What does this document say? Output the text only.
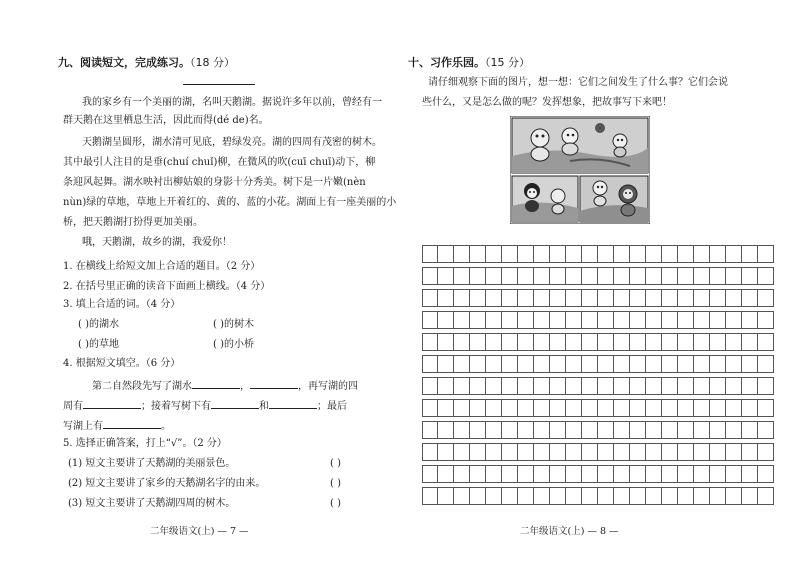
九、阅读短文，完成练习。（18 分）
我的家乡有一个美丽的湖，名叫天鹅湖。据说许多年以前，曾经有一
群天鹅在这里栖息生活，因此而得(dé de)名。
天鹅湖呈圆形，湖水清可见底，碧绿发亮。湖的四周有茂密的树木。
其中最引人注目的是垂(chuí chuǐ)柳，在微风的吹(cuī chuī)动下，柳
条迎风起舞。湖水映衬出柳姑娘的身影十分秀美。树下是一片嫩(nèn
nùn)绿的草地，草地上开着红的、黄的、蓝的小花。湖面上有一座美丽的小
桥，把天鹅湖打扮得更加美丽。
哦，天鹅湖，故乡的湖，我爱你！
1. 在横线上给短文加上合适的题目。（2 分）
2. 在括号里正确的读音下面画上横线。（4 分）
3. 填上合适的词。（4 分）
( )的湖水	( )的树木
( )的草地	( )的小桥
4. 根据短文填空。（6 分）
第二自然段先写了湖水	，	，再写湖的四
周有	；接着写树下有	和	；最后
写湖上有	。
5. 选择正确答案，打上“√”。（2 分）
(1) 短文主要讲了天鹅湖的美丽景色。	( )
(2) 短文主要讲了家乡的天鹅湖名字的由来。	( )
(3) 短文主要讲了天鹅湖四周的树木。	( )
二年级语文(上) — 7 —
十、习作乐园。（15 分）
请仔细观察下面的图片，想一想：它们之间发生了什么事？它们会说
些什么，又是怎么做的呢？发挥想象，把故事写下来吧！
二年级语文(上) — 8 —
